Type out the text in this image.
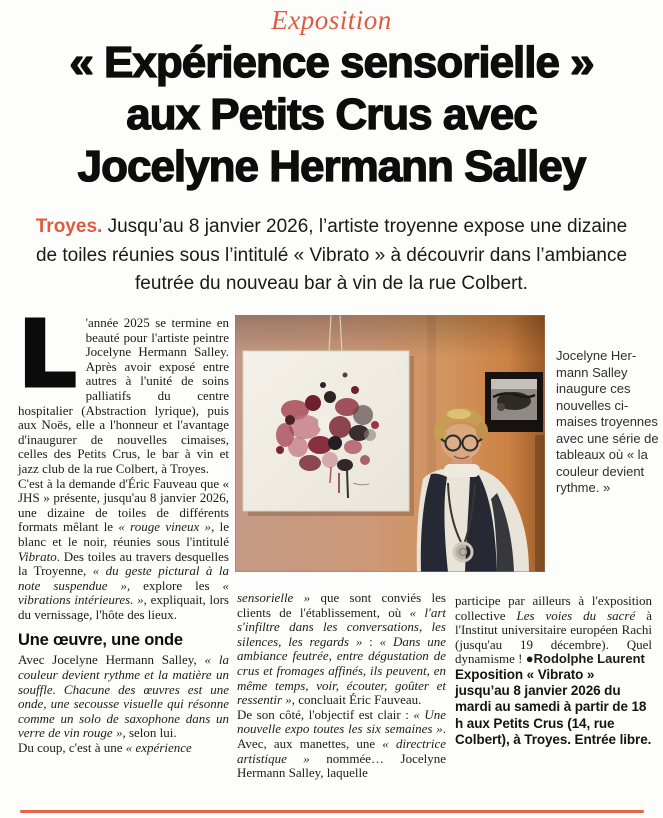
Exposition
« Expérience sensorielle »
aux Petits Crus avec
Jocelyne Hermann Salley

Troyes. Jusqu’au 8 janvier 2026, l’artiste troyenne expose une dizaine de toiles réunies sous l’intitulé « Vibrato » à découvrir dans l’ambiance feutrée du nouveau bar à vin de la rue Colbert.

L 'année 2025 se termine en beauté pour l'artiste peintre Jocelyne Hermann Salley. Après avoir exposé entre autres à l'unité de soins palliatifs du centre hospitalier (Abstraction lyrique), puis aux Noës, elle a l'honneur et l'avantage d'inaugurer de nouvelles cimaises, celles des Petits Crus, le bar à vin et jazz club de la rue Colbert, à Troyes.

C'est à la demande d'Éric Fauveau que « JHS » présente, jusqu'au 8 janvier 2026, une dizaine de toiles de différents formats mêlant le « rouge vineux », le blanc et le noir, réunies sous l'intitulé Vibrato. Des toiles au travers desquelles la Troyenne, « du geste pictural à la note suspendue », explore les « vibrations intérieures. », expliquait, lors du vernissage, l'hôte des lieux.

Une œuvre, une onde

Avec Jocelyne Hermann Salley, « la couleur devient rythme et la matière un souffle. Chacune des œuvres est une onde, une secousse visuelle qui résonne comme un solo de saxophone dans un verre de vin rouge », selon lui.

Du coup, c'est à une « expérience

Jocelyne Hermann Salley inaugure ces nouvelles cimaises troyennes avec une série de tableaux où « la couleur devient rythme. »

sensorielle » que sont conviés les clients de l'établissement, où « l'art s'infiltre dans les conversations, les silences, les regards » : « Dans une ambiance feutrée, entre dégustation de crus et fromages affinés, ils peuvent, en même temps, voir, écouter, goûter et ressentir », concluait Éric Fauveau.

De son côté, l'objectif est clair : « Une nouvelle expo toutes les six semaines ». Avec, aux manettes, une « directrice artistique » nommée… Jocelyne Hermann Salley, laquelle

participe par ailleurs à l'exposition collective Les voies du sacré à l'Institut universitaire européen Rachi (jusqu'au 19 décembre). Quel dynamisme ! ●Rodolphe Laurent

Exposition « Vibrato » jusqu’au 8 janvier 2026 du mardi au samedi à partir de 18 h aux Petits Crus (14, rue Colbert), à Troyes. Entrée libre.
